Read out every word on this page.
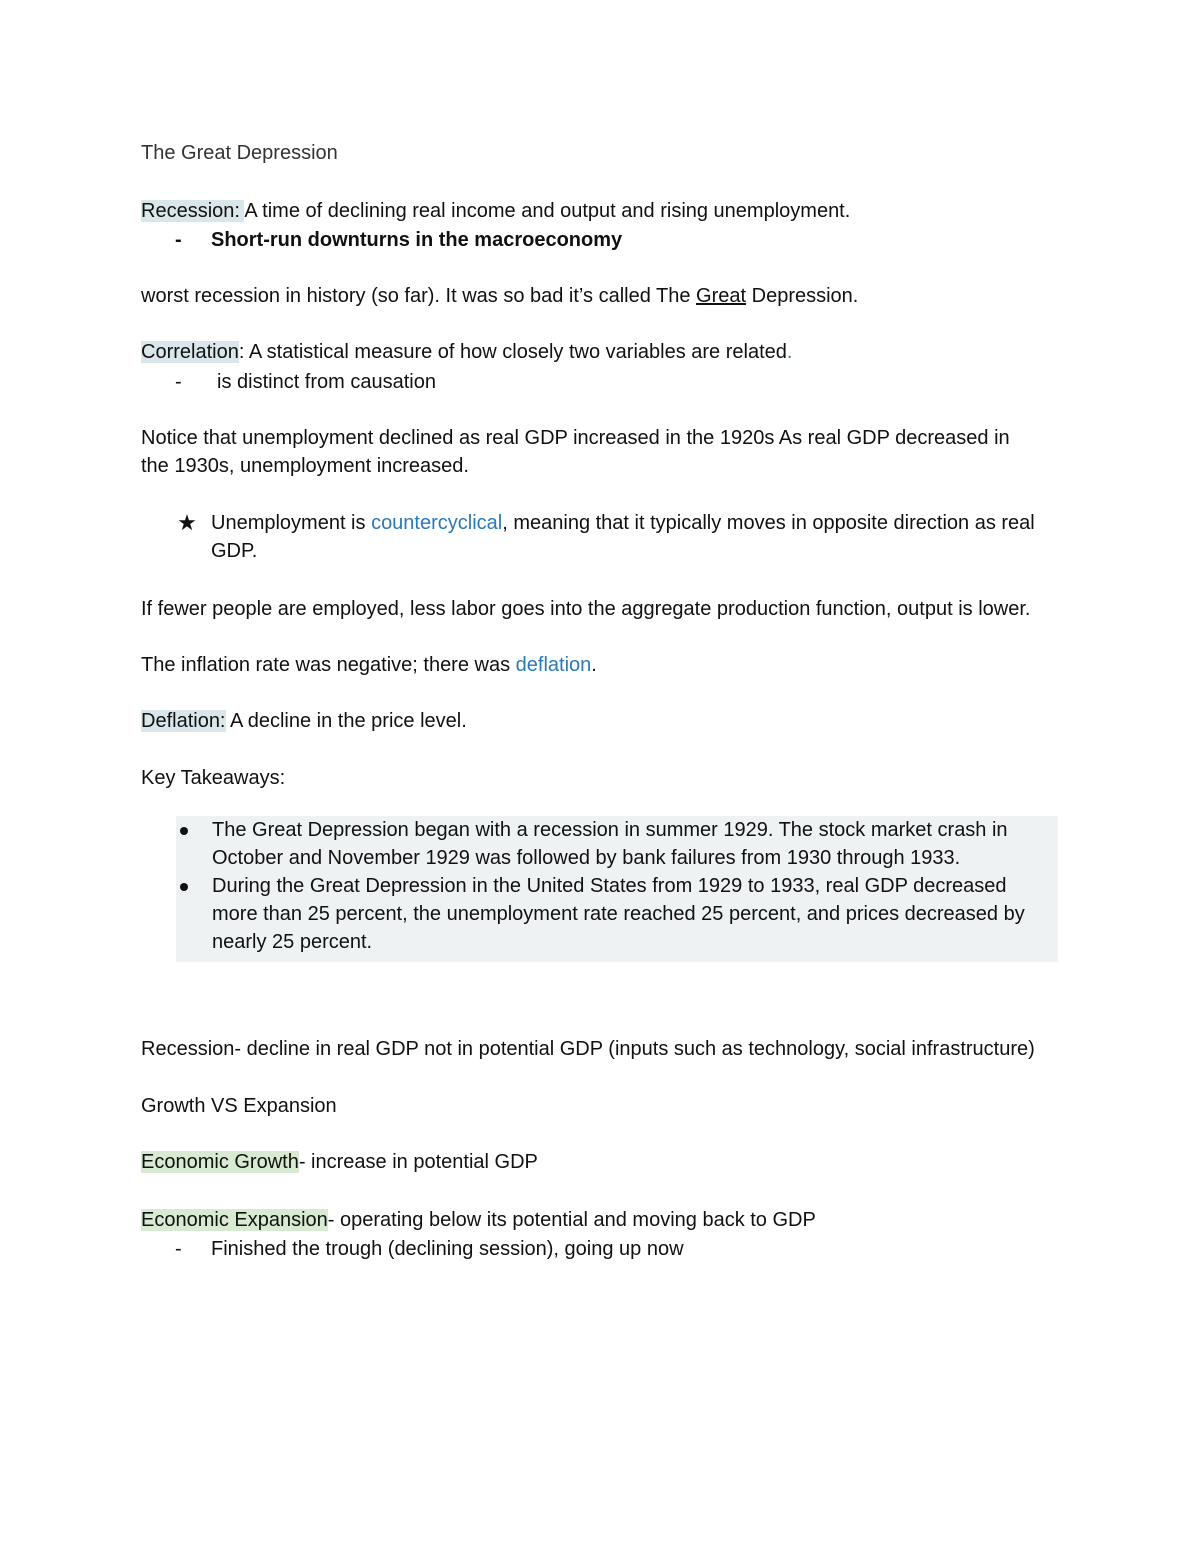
The Great Depression
Recession: A time of declining real income and output and rising unemployment.
- Short-run downturns in the macroeconomy
worst recession in history (so far). It was so bad it’s called The Great Depression.
Correlation: A statistical measure of how closely two variables are related.
- is distinct from causation
Notice that unemployment declined as real GDP increased in the 1920s As real GDP decreased in
the 1930s, unemployment increased.
★ Unemployment is countercyclical, meaning that it typically moves in opposite direction as real GDP.
If fewer people are employed, less labor goes into the aggregate production function, output is lower.
The inflation rate was negative; there was deflation.
Deflation: A decline in the price level.
Key Takeaways:
The Great Depression began with a recession in summer 1929. The stock market crash in October and November 1929 was followed by bank failures from 1930 through 1933.
During the Great Depression in the United States from 1929 to 1933, real GDP decreased more than 25 percent, the unemployment rate reached 25 percent, and prices decreased by nearly 25 percent.
Recession- decline in real GDP not in potential GDP (inputs such as technology, social infrastructure)
Growth VS Expansion
Economic Growth- increase in potential GDP
Economic Expansion- operating below its potential and moving back to GDP
- Finished the trough (declining session), going up now
